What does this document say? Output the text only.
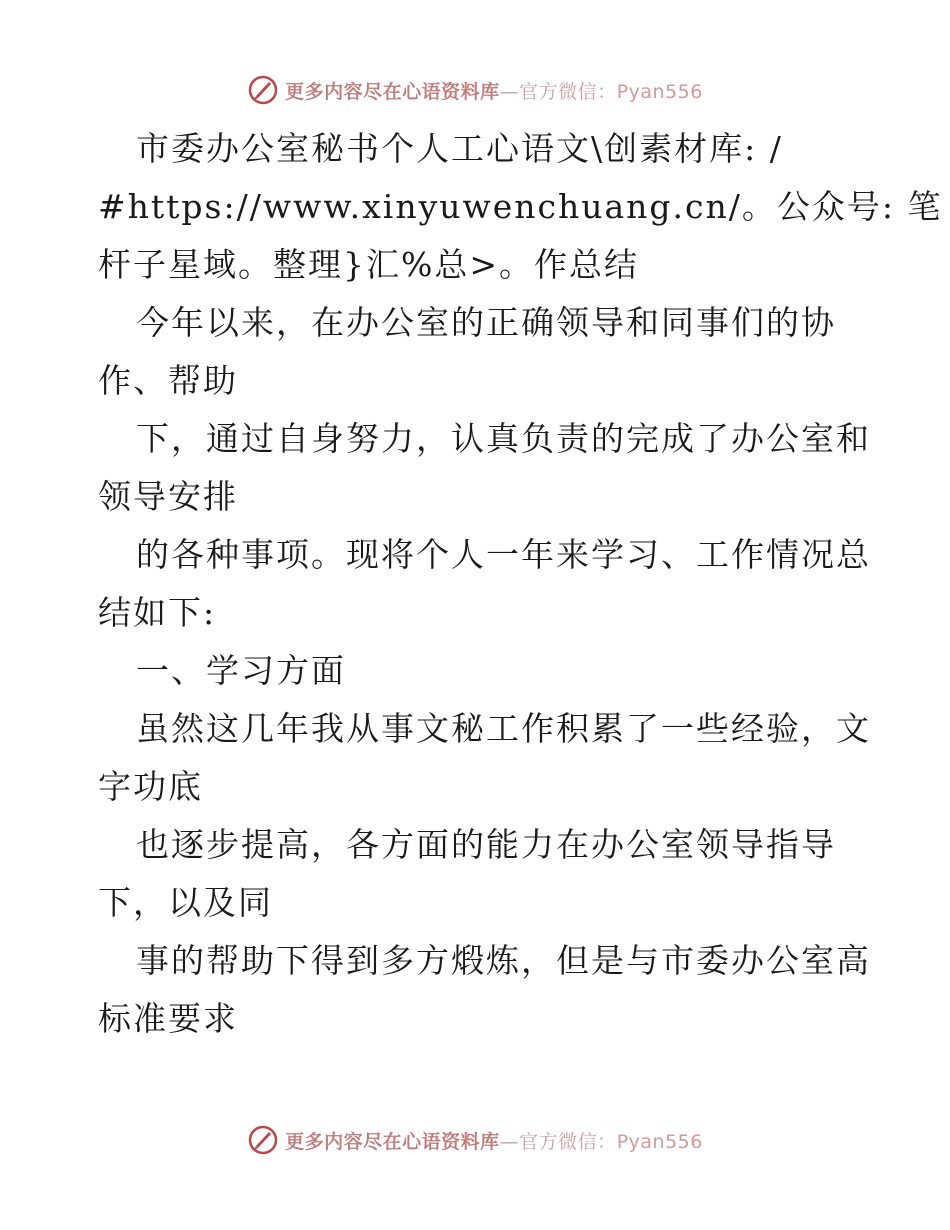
更多内容尽在心语资料库—官方微信：Pyan556
市委办公室秘书个人工心语文\创素材库: /
#https://www.xinyuwenchuang.cn/。公众号: 笔
杆子星域。整理}汇%总>。作总结
今年以来，在办公室的正确领导和同事们的协
作、帮助
下，通过自身努力，认真负责的完成了办公室和
领导安排
的各种事项。现将个人一年来学习、工作情况总
结如下:
一、学习方面
虽然这几年我从事文秘工作积累了一些经验，文
字功底
也逐步提高，各方面的能力在办公室领导指导
下，以及同
事的帮助下得到多方煅炼，但是与市委办公室高
标准要求
更多内容尽在心语资料库—官方微信：Pyan556
